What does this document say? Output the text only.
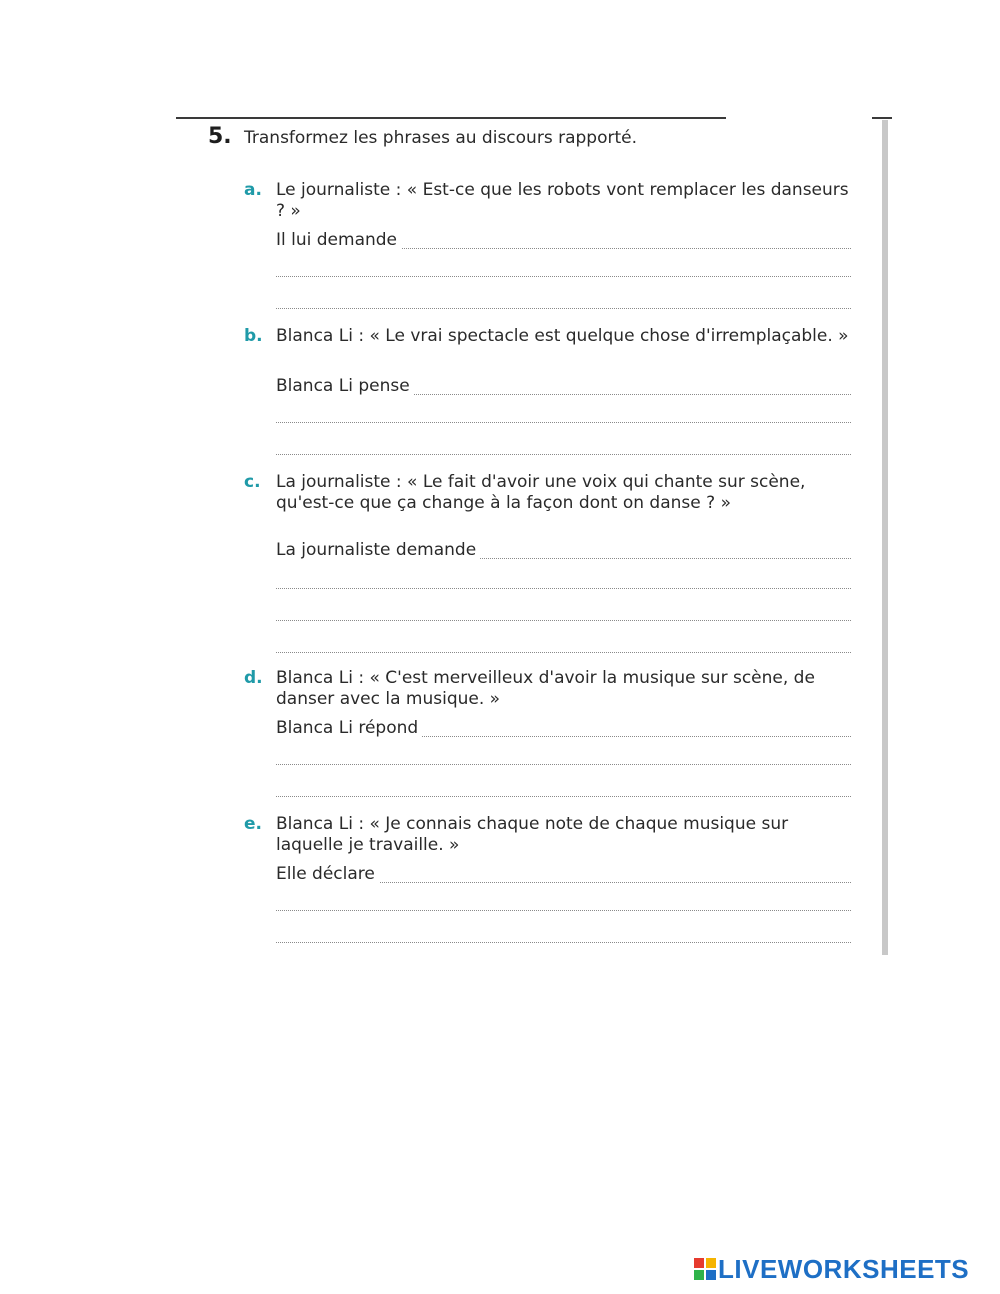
5. Transformez les phrases au discours rapporté.
a. Le journaliste : « Est-ce que les robots vont remplacer les danseurs ? »
Il lui demande
b. Blanca Li : « Le vrai spectacle est quelque chose d'irremplaçable. »
Blanca Li pense
c. La journaliste : « Le fait d'avoir une voix qui chante sur scène, qu'est-ce que ça change à la façon dont on danse ? »
La journaliste demande
d. Blanca Li : « C'est merveilleux d'avoir la musique sur scène, de danser avec la musique. »
Blanca Li répond
e. Blanca Li : « Je connais chaque note de chaque musique sur laquelle je travaille. »
Elle déclare
LIVEWORKSHEETS
